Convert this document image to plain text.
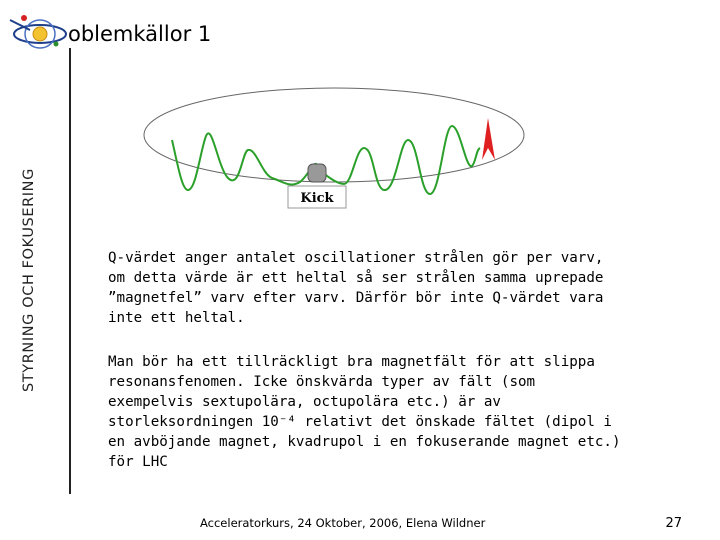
oblemkällor 1
STYRNING OCH FOKUSERING	Kick

Q-värdet anger antalet oscillationer strålen gör per varv, om detta värde är ett heltal så ser strålen samma uprepade ”magnetfel” varv efter varv. Därför bör inte Q-värdet vara inte ett heltal.

Man bör ha ett tillräckligt bra magnetfält för att slippa resonansfenomen. Icke önskvärda typer av fält (som exempelvis sextupolära, octupolära etc.) är av storleksordningen 10⁻⁴ relativt det önskade fältet (dipol i en avböjande magnet, kvadrupol i en fokuserande magnet etc.) för LHC

Acceleratorkurs, 24 Oktober, 2006, Elena Wildner	27
